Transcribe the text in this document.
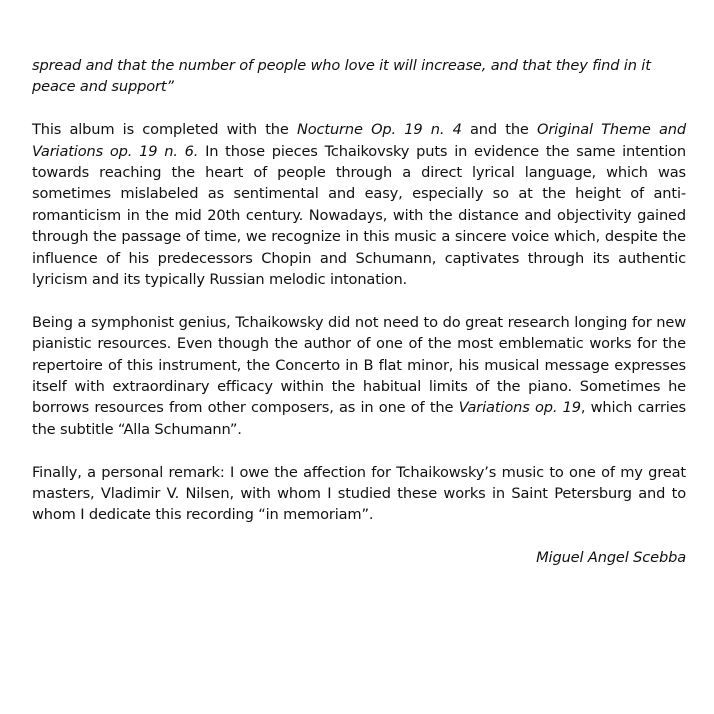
spread and that the number of people who love it will increase, and that they find in it peace and support”

This album is completed with the Nocturne Op. 19 n. 4 and the Original Theme and Variations op. 19 n. 6. In those pieces Tchaikovsky puts in evidence the same intention towards reaching the heart of people through a direct lyrical language, which was sometimes mislabeled as sentimental and easy, especially so at the height of anti-romanticism in the mid 20th century. Nowadays, with the distance and objectivity gained through the passage of time, we recognize in this music a sincere voice which, despite the influence of his predecessors Chopin and Schumann, captivates through its authentic lyricism and its typically Russian melodic intonation.

Being a symphonist genius, Tchaikowsky did not need to do great research longing for new pianistic resources. Even though the author of one of the most emblematic works for the repertoire of this instrument, the Concerto in B flat minor, his musical message expresses itself with extraordinary efficacy within the habitual limits of the piano. Sometimes he borrows resources from other composers, as in one of the Variations op. 19, which carries the subtitle “Alla Schumann”.

Finally, a personal remark: I owe the affection for Tchaikowsky’s music to one of my great masters, Vladimir V. Nilsen, with whom I studied these works in Saint Petersburg and to whom I dedicate this recording “in memoriam”.

Miguel Angel Scebba
